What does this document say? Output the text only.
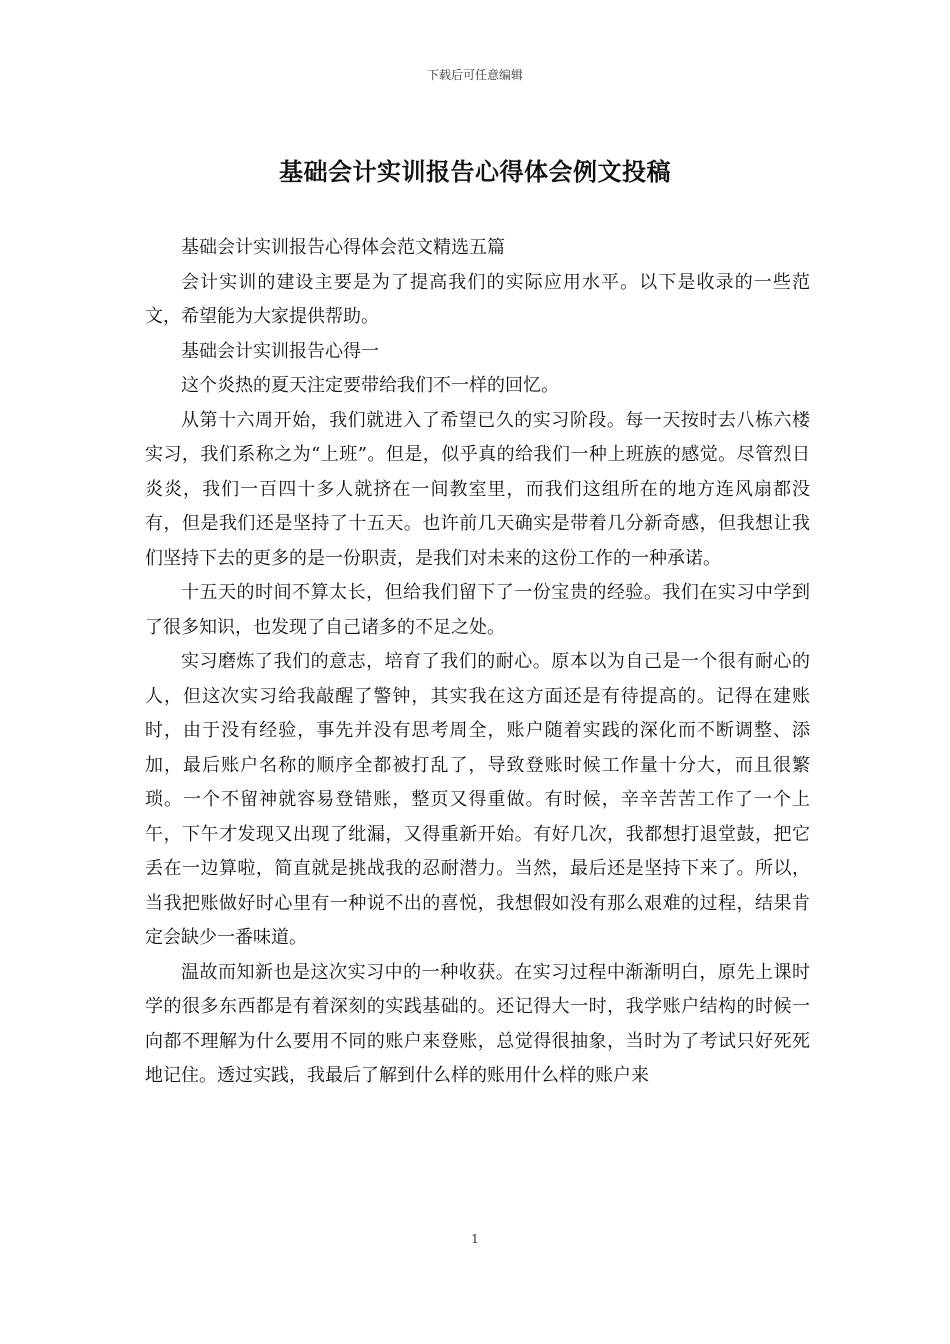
下载后可任意编辑
基础会计实训报告心得体会例文投稿

基础会计实训报告心得体会范文精选五篇

会计实训的建设主要是为了提高我们的实际应用水平。以下是收录的一些范文，希望能为大家提供帮助。

基础会计实训报告心得一

这个炎热的夏天注定要带给我们不一样的回忆。

从第十六周开始，我们就进入了希望已久的实习阶段。每一天按时去八栋六楼实习，我们系称之为“上班”。但是，似乎真的给我们一种上班族的感觉。尽管烈日炎炎，我们一百四十多人就挤在一间教室里，而我们这组所在的地方连风扇都没有，但是我们还是坚持了十五天。也许前几天确实是带着几分新奇感，但我想让我们坚持下去的更多的是一份职责，是我们对未来的这份工作的一种承诺。

十五天的时间不算太长，但给我们留下了一份宝贵的经验。我们在实习中学到了很多知识，也发现了自己诸多的不足之处。

实习磨炼了我们的意志，培育了我们的耐心。原本以为自己是一个很有耐心的人，但这次实习给我敲醒了警钟，其实我在这方面还是有待提高的。记得在建账时，由于没有经验，事先并没有思考周全，账户随着实践的深化而不断调整、添加，最后账户名称的顺序全都被打乱了，导致登账时候工作量十分大，而且很繁琐。一个不留神就容易登错账，整页又得重做。有时候，辛辛苦苦工作了一个上午，下午才发现又出现了纰漏，又得重新开始。有好几次，我都想打退堂鼓，把它丢在一边算啦，简直就是挑战我的忍耐潜力。当然，最后还是坚持下来了。所以，当我把账做好时心里有一种说不出的喜悦，我想假如没有那么艰难的过程，结果肯定会缺少一番味道。

温故而知新也是这次实习中的一种收获。在实习过程中渐渐明白，原先上课时学的很多东西都是有着深刻的实践基础的。还记得大一时，我学账户结构的时候一向都不理解为什么要用不同的账户来登账，总觉得很抽象，当时为了考试只好死死地记住。透过实践，我最后了解到什么样的账用什么样的账户来

1
